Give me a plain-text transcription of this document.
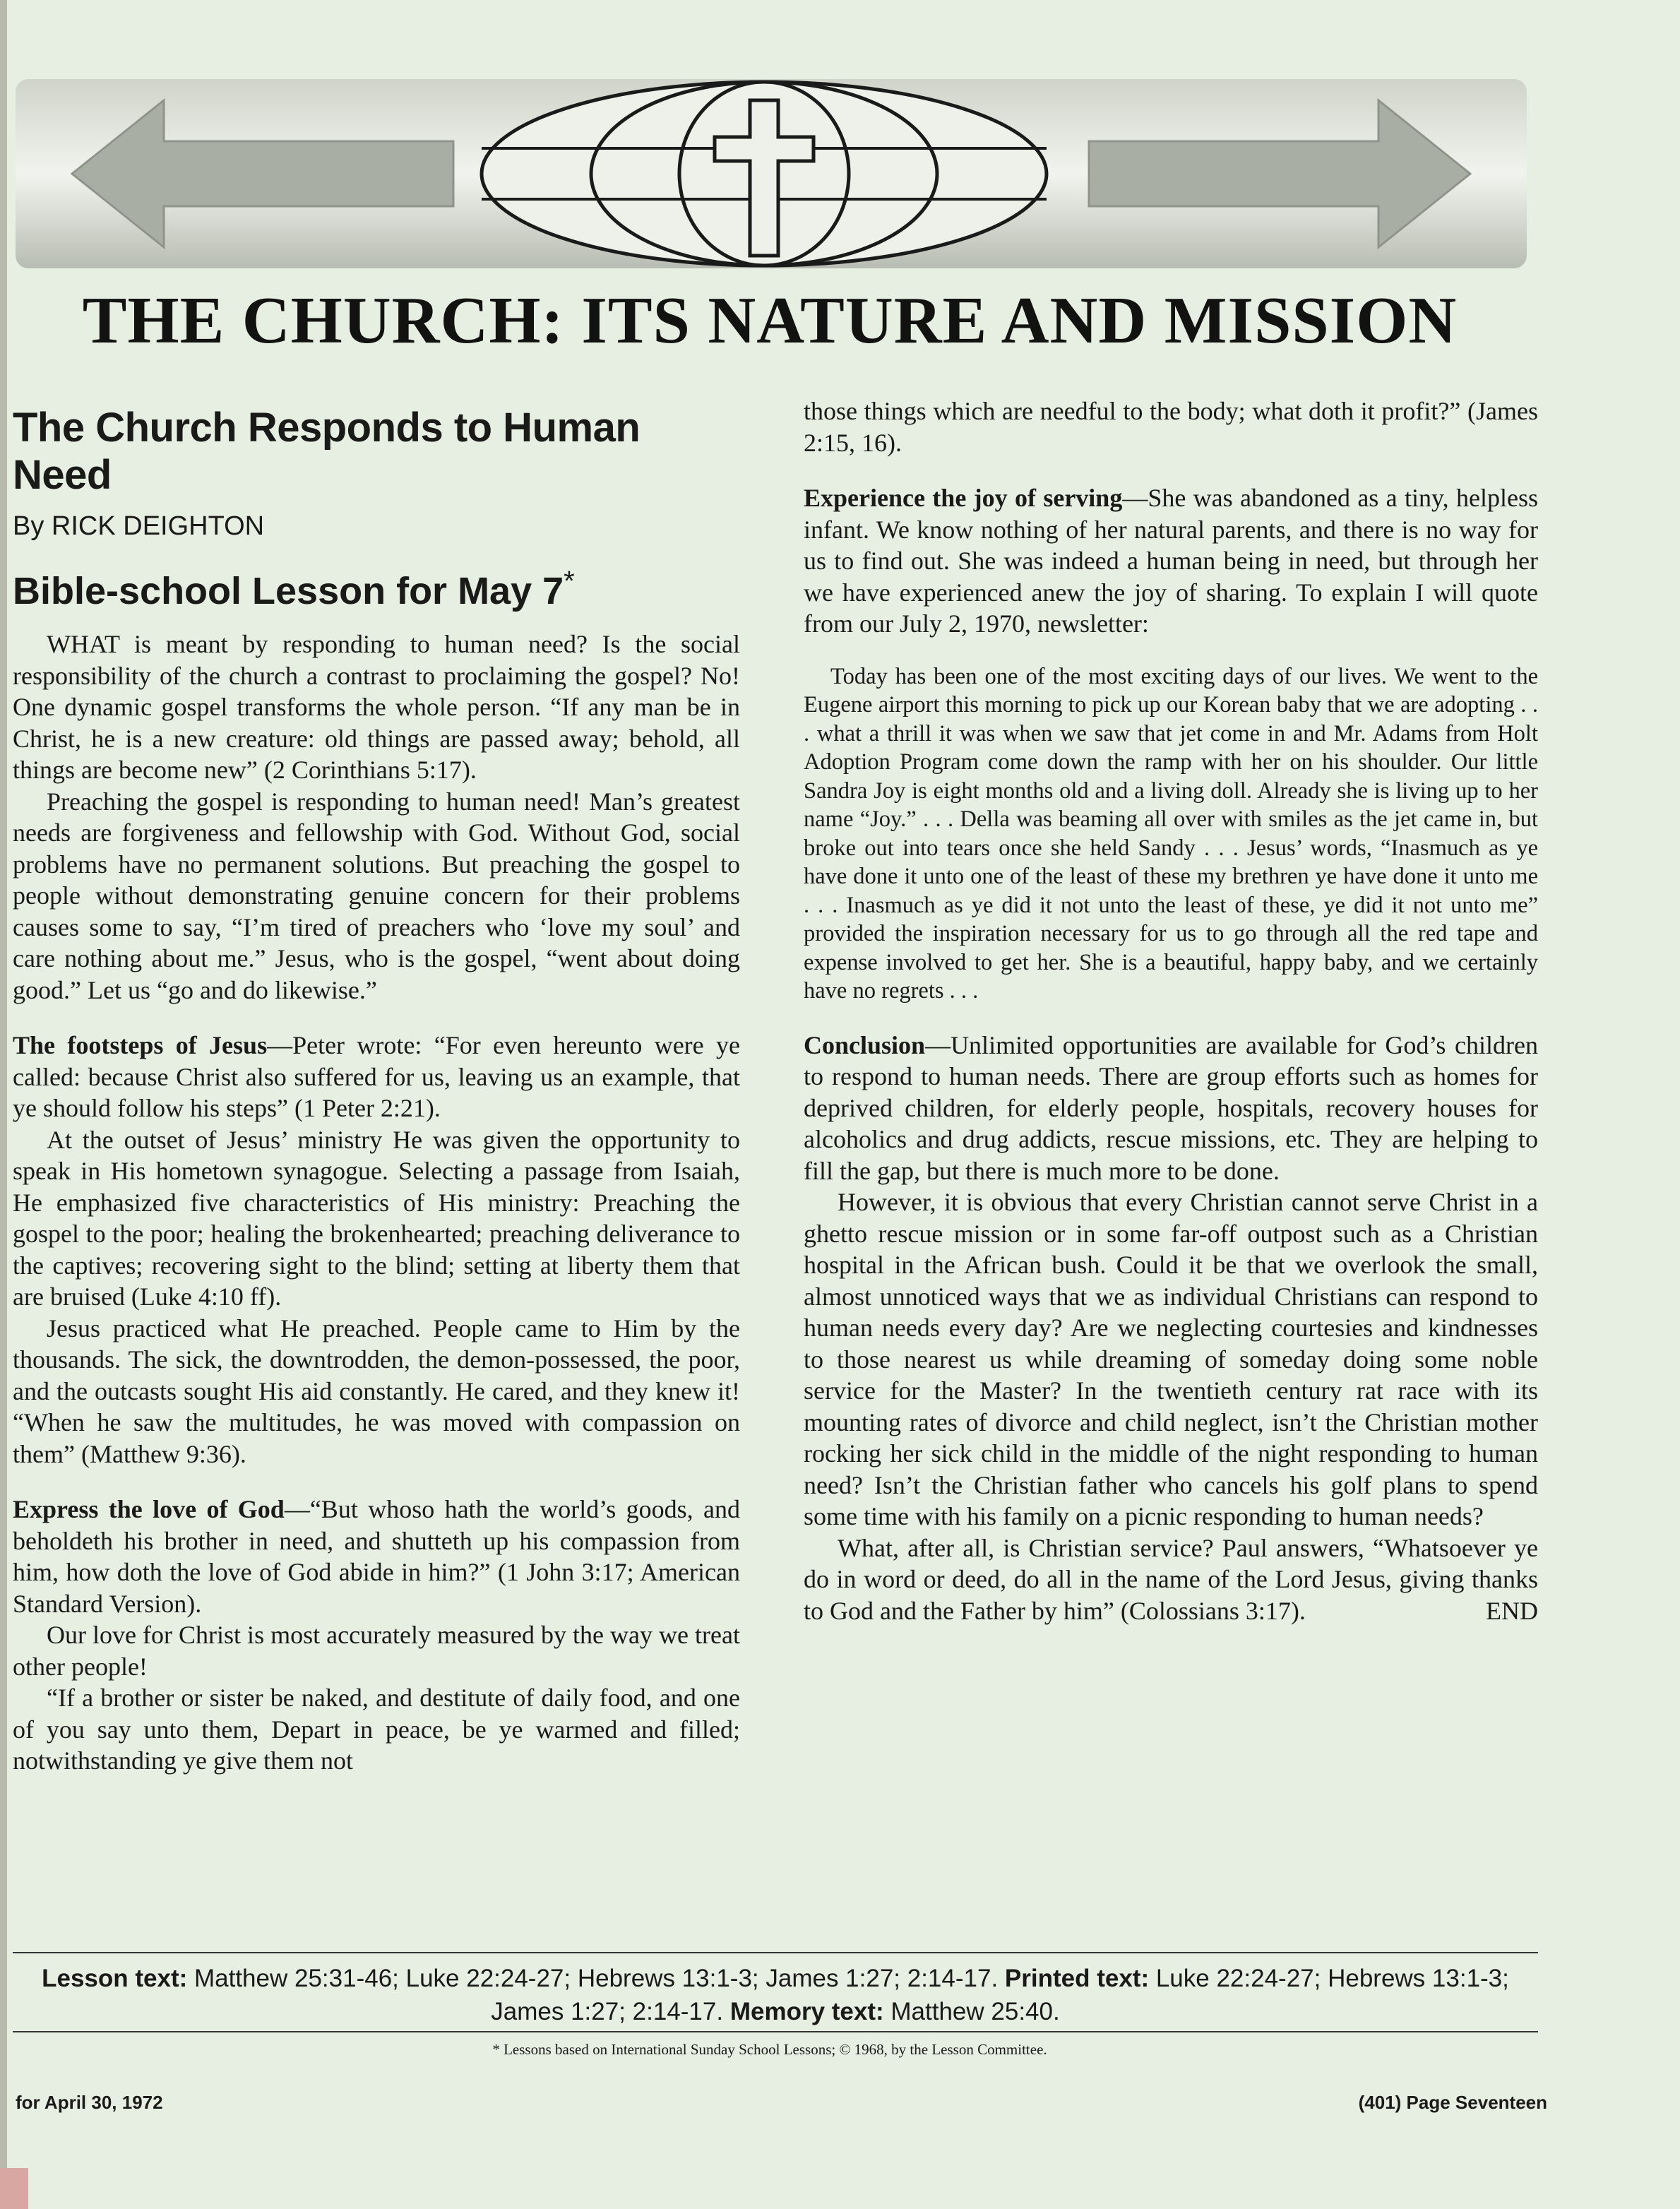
THE CHURCH: ITS NATURE AND MISSION
The Church Responds to Human Need
By RICK DEIGHTON
Bible-school Lesson for May 7*

WHAT is meant by responding to human need? Is the social responsibility of the church a contrast to proclaiming the gospel? No! One dynamic gospel transforms the whole person. “If any man be in Christ, he is a new creature: old things are passed away; behold, all things are become new” (2 Corinthians 5:17).

Preaching the gospel is responding to human need! Man’s greatest needs are forgiveness and fellowship with God. Without God, social problems have no permanent solutions. But preaching the gospel to people without demonstrating genuine concern for their problems causes some to say, “I’m tired of preachers who ‘love my soul’ and care nothing about me.” Jesus, who is the gospel, “went about doing good.” Let us “go and do likewise.”

The footsteps of Jesus—Peter wrote: “For even hereunto were ye called: because Christ also suffered for us, leaving us an example, that ye should follow his steps” (1 Peter 2:21).

At the outset of Jesus’ ministry He was given the opportunity to speak in His hometown synagogue. Selecting a passage from Isaiah, He emphasized five characteristics of His ministry: Preaching the gospel to the poor; healing the brokenhearted; preaching deliverance to the captives; recovering sight to the blind; setting at liberty them that are bruised (Luke 4:10 ff).

Jesus practiced what He preached. People came to Him by the thousands. The sick, the downtrodden, the demon-possessed, the poor, and the outcasts sought His aid constantly. He cared, and they knew it! “When he saw the multitudes, he was moved with compassion on them” (Matthew 9:36).

Express the love of God—“But whoso hath the world’s goods, and beholdeth his brother in need, and shutteth up his compassion from him, how doth the love of God abide in him?” (1 John 3:17; American Standard Version).

Our love for Christ is most accurately measured by the way we treat other people!

“If a brother or sister be naked, and destitute of daily food, and one of you say unto them, Depart in peace, be ye warmed and filled; notwithstanding ye give them not

those things which are needful to the body; what doth it profit?” (James 2:15, 16).

Experience the joy of serving—She was abandoned as a tiny, helpless infant. We know nothing of her natural parents, and there is no way for us to find out. She was indeed a human being in need, but through her we have experienced anew the joy of sharing. To explain I will quote from our July 2, 1970, newsletter:

Today has been one of the most exciting days of our lives. We went to the Eugene airport this morning to pick up our Korean baby that we are adopting . . . what a thrill it was when we saw that jet come in and Mr. Adams from Holt Adoption Program come down the ramp with her on his shoulder. Our little Sandra Joy is eight months old and a living doll. Already she is living up to her name “Joy.” . . . Della was beaming all over with smiles as the jet came in, but broke out into tears once she held Sandy . . . Jesus’ words, “Inasmuch as ye have done it unto one of the least of these my brethren ye have done it unto me . . . Inasmuch as ye did it not unto the least of these, ye did it not unto me” provided the inspiration necessary for us to go through all the red tape and expense involved to get her. She is a beautiful, happy baby, and we certainly have no regrets . . .

Conclusion—Unlimited opportunities are available for God’s children to respond to human needs. There are group efforts such as homes for deprived children, for elderly people, hospitals, recovery houses for alcoholics and drug addicts, rescue missions, etc. They are helping to fill the gap, but there is much more to be done.

However, it is obvious that every Christian cannot serve Christ in a ghetto rescue mission or in some far-off outpost such as a Christian hospital in the African bush. Could it be that we overlook the small, almost unnoticed ways that we as individual Christians can respond to human needs every day? Are we neglecting courtesies and kindnesses to those nearest us while dreaming of someday doing some noble service for the Master? In the twentieth century rat race with its mounting rates of divorce and child neglect, isn’t the Christian mother rocking her sick child in the middle of the night responding to human need? Isn’t the Christian father who cancels his golf plans to spend some time with his family on a picnic responding to human needs?

What, after all, is Christian service? Paul answers, “Whatsoever ye do in word or deed, do all in the name of the Lord Jesus, giving thanks to God and the Father by him” (Colossians 3:17).	END

Lesson text: Matthew 25:31-46; Luke 22:24-27; Hebrews 13:1-3; James 1:27; 2:14-17. Printed text: Luke 22:24-27; Hebrews 13:1-3; James 1:27; 2:14-17. Memory text: Matthew 25:40.
* Lessons based on International Sunday School Lessons; © 1968, by the Lesson Committee.
for April 30, 1972	(401) Page Seventeen
